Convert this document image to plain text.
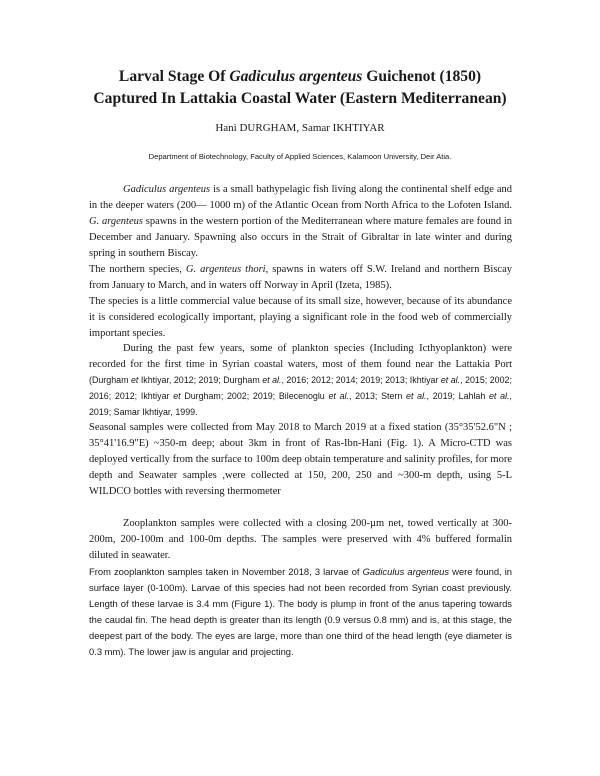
Larval Stage Of Gadiculus argenteus Guichenot (1850)
Captured In Lattakia Coastal Water (Eastern Mediterranean)
Hani DURGHAM, Samar IKHTIYAR
Department of Biotechnology, Faculty of Applied Sciences, Kalamoon University, Deir Atia.

Gadiculus argenteus is a small bathypelagic fish living along the continental shelf edge and in the deeper waters (200— 1000 m) of the Atlantic Ocean from North Africa to the Lofoten Island. G. argenteus spawns in the western portion of the Mediterranean where mature females are found in December and January. Spawning also occurs in the Strait of Gibraltar in late winter and during spring in southern Biscay.

The northern species, G. argenteus thori, spawns in waters off S.W. Ireland and northern Biscay from January to March, and in waters off Norway in April (Izeta, 1985).

The species is a little commercial value because of its small size, however, because of its abundance it is considered ecologically important, playing a significant role in the food web of commercially important species.

During the past few years, some of plankton species (Including Icthyoplankton) were recorded for the first time in Syrian coastal waters, most of them found near the Lattakia Port (Durgham et Ikhtiyar, 2012; 2019; Durgham et al., 2016; 2012; 2014; 2019; 2013; Ikhtiyar et al., 2015; 2002; 2016; 2012; Ikhtiyar et Durgham; 2002; 2019; Bilecenoglu et al., 2013; Stern et al., 2019; Lahlah et al., 2019; Samar Ikhtiyar, 1999.

Seasonal samples were collected from May 2018 to March 2019 at a fixed station (35°35'52.6"N ; 35°41'16.9"E) ~350-m deep; about 3km in front of Ras-Ibn-Hani (Fig. 1). A Micro-CTD was deployed vertically from the surface to 100m deep obtain temperature and salinity profiles, for more depth and Seawater samples ,were collected at 150, 200, 250 and ~300-m depth, using 5-L WILDCO bottles with reversing thermometer

Zooplankton samples were collected with a closing 200-µm net, towed vertically at 300-200m, 200-100m and 100-0m depths. The samples were preserved with 4% buffered formalin diluted in seawater.

From zooplankton samples taken in November 2018, 3 larvae of Gadiculus argenteus were found, in surface layer (0-100m). Larvae of this species had not been recorded from Syrian coast previously. Length of these larvae is 3.4 mm (Figure 1). The body is plump in front of the anus tapering towards the caudal fin. The head depth is greater than its length (0.9 versus 0.8 mm) and is, at this stage, the deepest part of the body. The eyes are large, more than one third of the head length (eye diameter is 0.3 mm). The lower jaw is angular and projecting.
